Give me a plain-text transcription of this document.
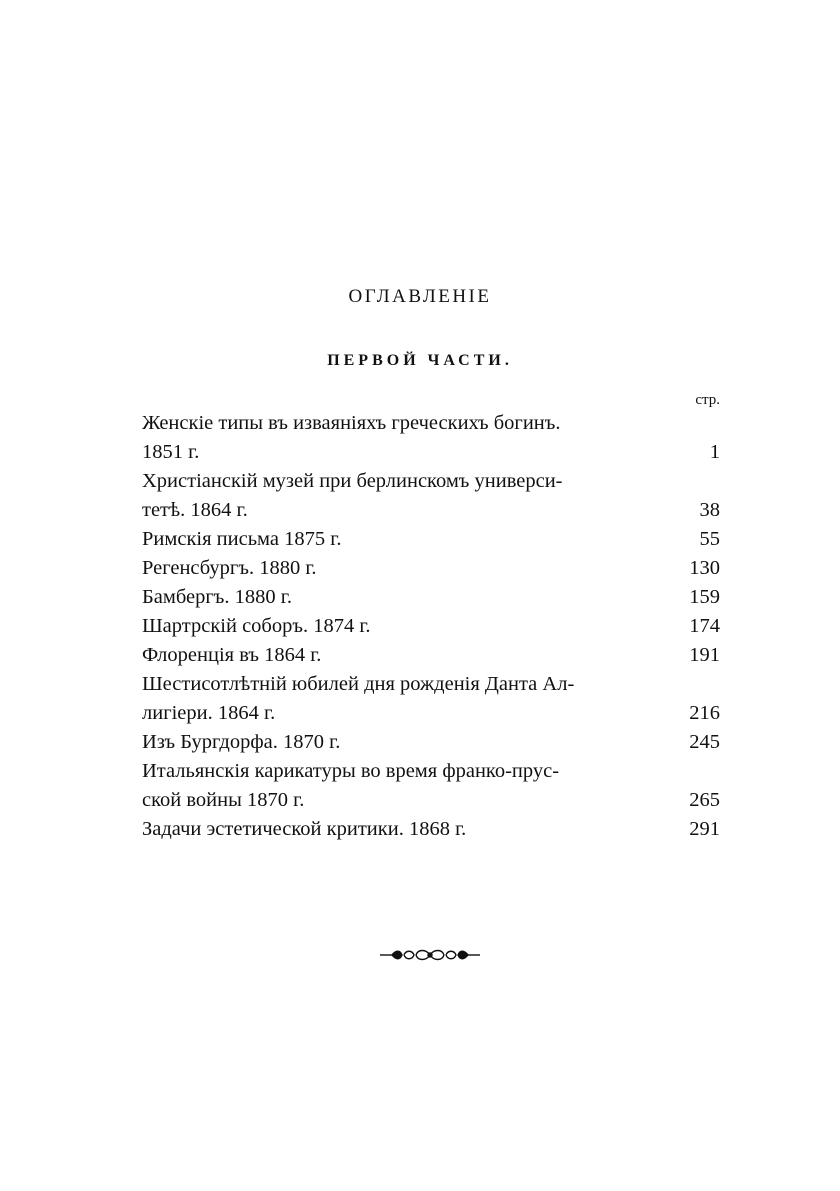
ОГЛАВЛЕНIЕ
ПЕРВОЙ ЧАСТИ.
стр.
Женскiе типы въ изваянiяхъ греческихъ богинъ.
1851 г.	1
Христiанскiй музей при берлинскомъ универси-
тетѣ. 1864 г.	38
Римскiя письма 1875 г.	55
Регенсбургъ. 1880 г.	130
Бамбергъ. 1880 г.	159
Шартрскiй соборъ. 1874 г.	174
Флоренцiя въ 1864 г.	191
Шестисотлѣтнiй юбилей дня рожденiя Данта Ал-
лигiери. 1864 г.	216
Изъ Бургдорфа. 1870 г.	245
Итальянскiя карикатуры во время франко-прус-
ской войны 1870 г.	265
Задачи эстетической критики. 1868 г.	291
